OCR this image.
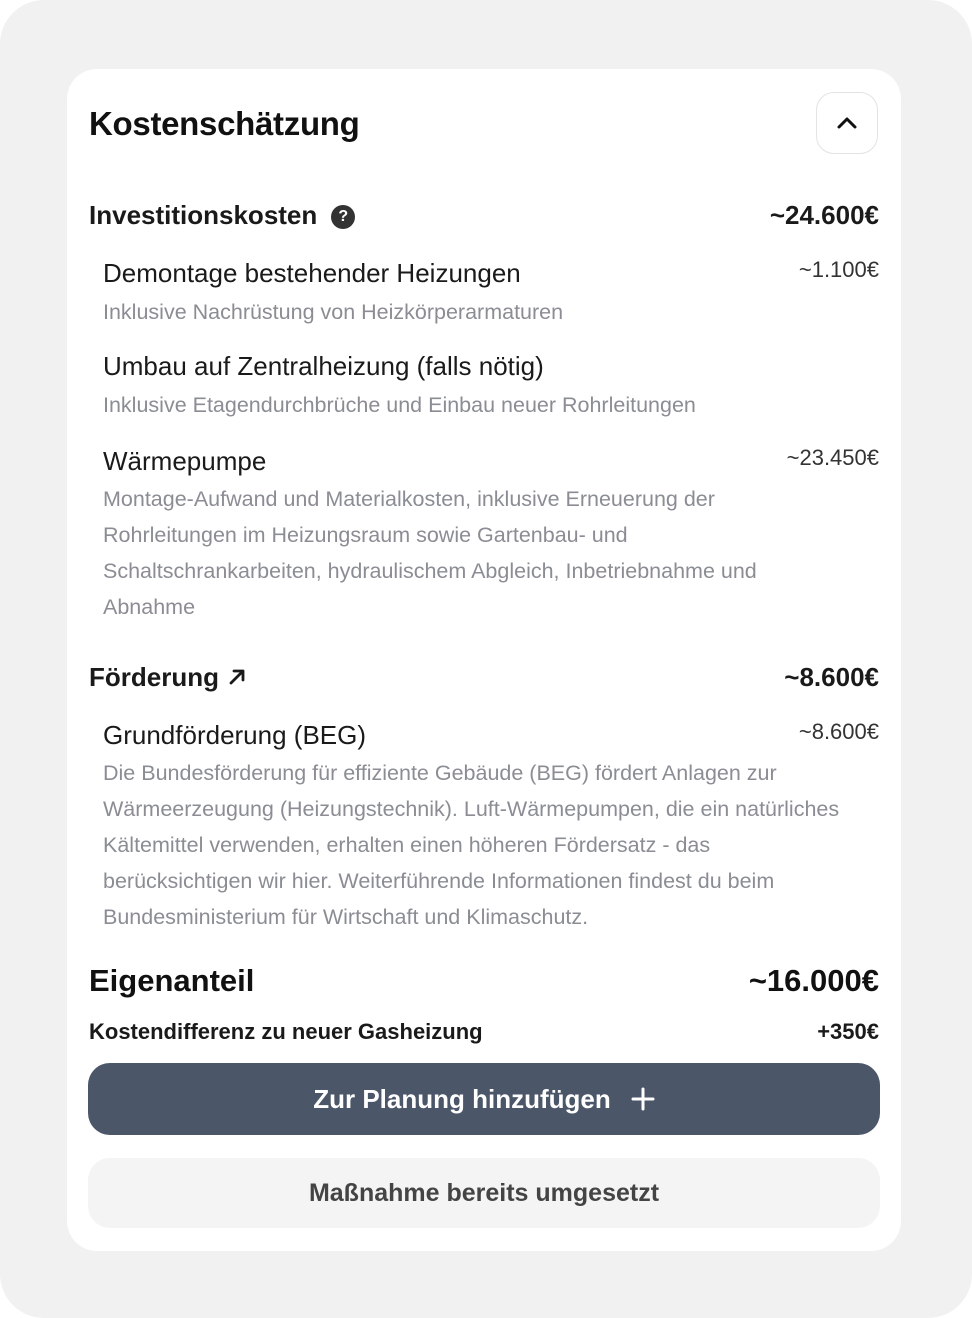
Kostenschätzung
Investitionskosten ?	~24.600€
Demontage bestehender Heizungen	~1.100€
Inklusive Nachrüstung von Heizkörperarmaturen
Umbau auf Zentralheizung (falls nötig)
Inklusive Etagendurchbrüche und Einbau neuer Rohrleitungen
Wärmepumpe	~23.450€
Montage-Aufwand und Materialkosten, inklusive Erneuerung der Rohrleitungen im Heizungsraum sowie Gartenbau- und Schaltschrankarbeiten, hydraulischem Abgleich, Inbetriebnahme und Abnahme
Förderung	~8.600€
Grundförderung (BEG)	~8.600€
Die Bundesförderung für effiziente Gebäude (BEG) fördert Anlagen zur Wärmeerzeugung (Heizungstechnik). Luft-Wärmepumpen, die ein natürliches Kältemittel verwenden, erhalten einen höheren Fördersatz - das berücksichtigen wir hier. Weiterführende Informationen findest du beim Bundesministerium für Wirtschaft und Klimaschutz.
Eigenanteil	~16.000€
Kostendifferenz zu neuer Gasheizung	+350€
Zur Planung hinzufügen
Maßnahme bereits umgesetzt
